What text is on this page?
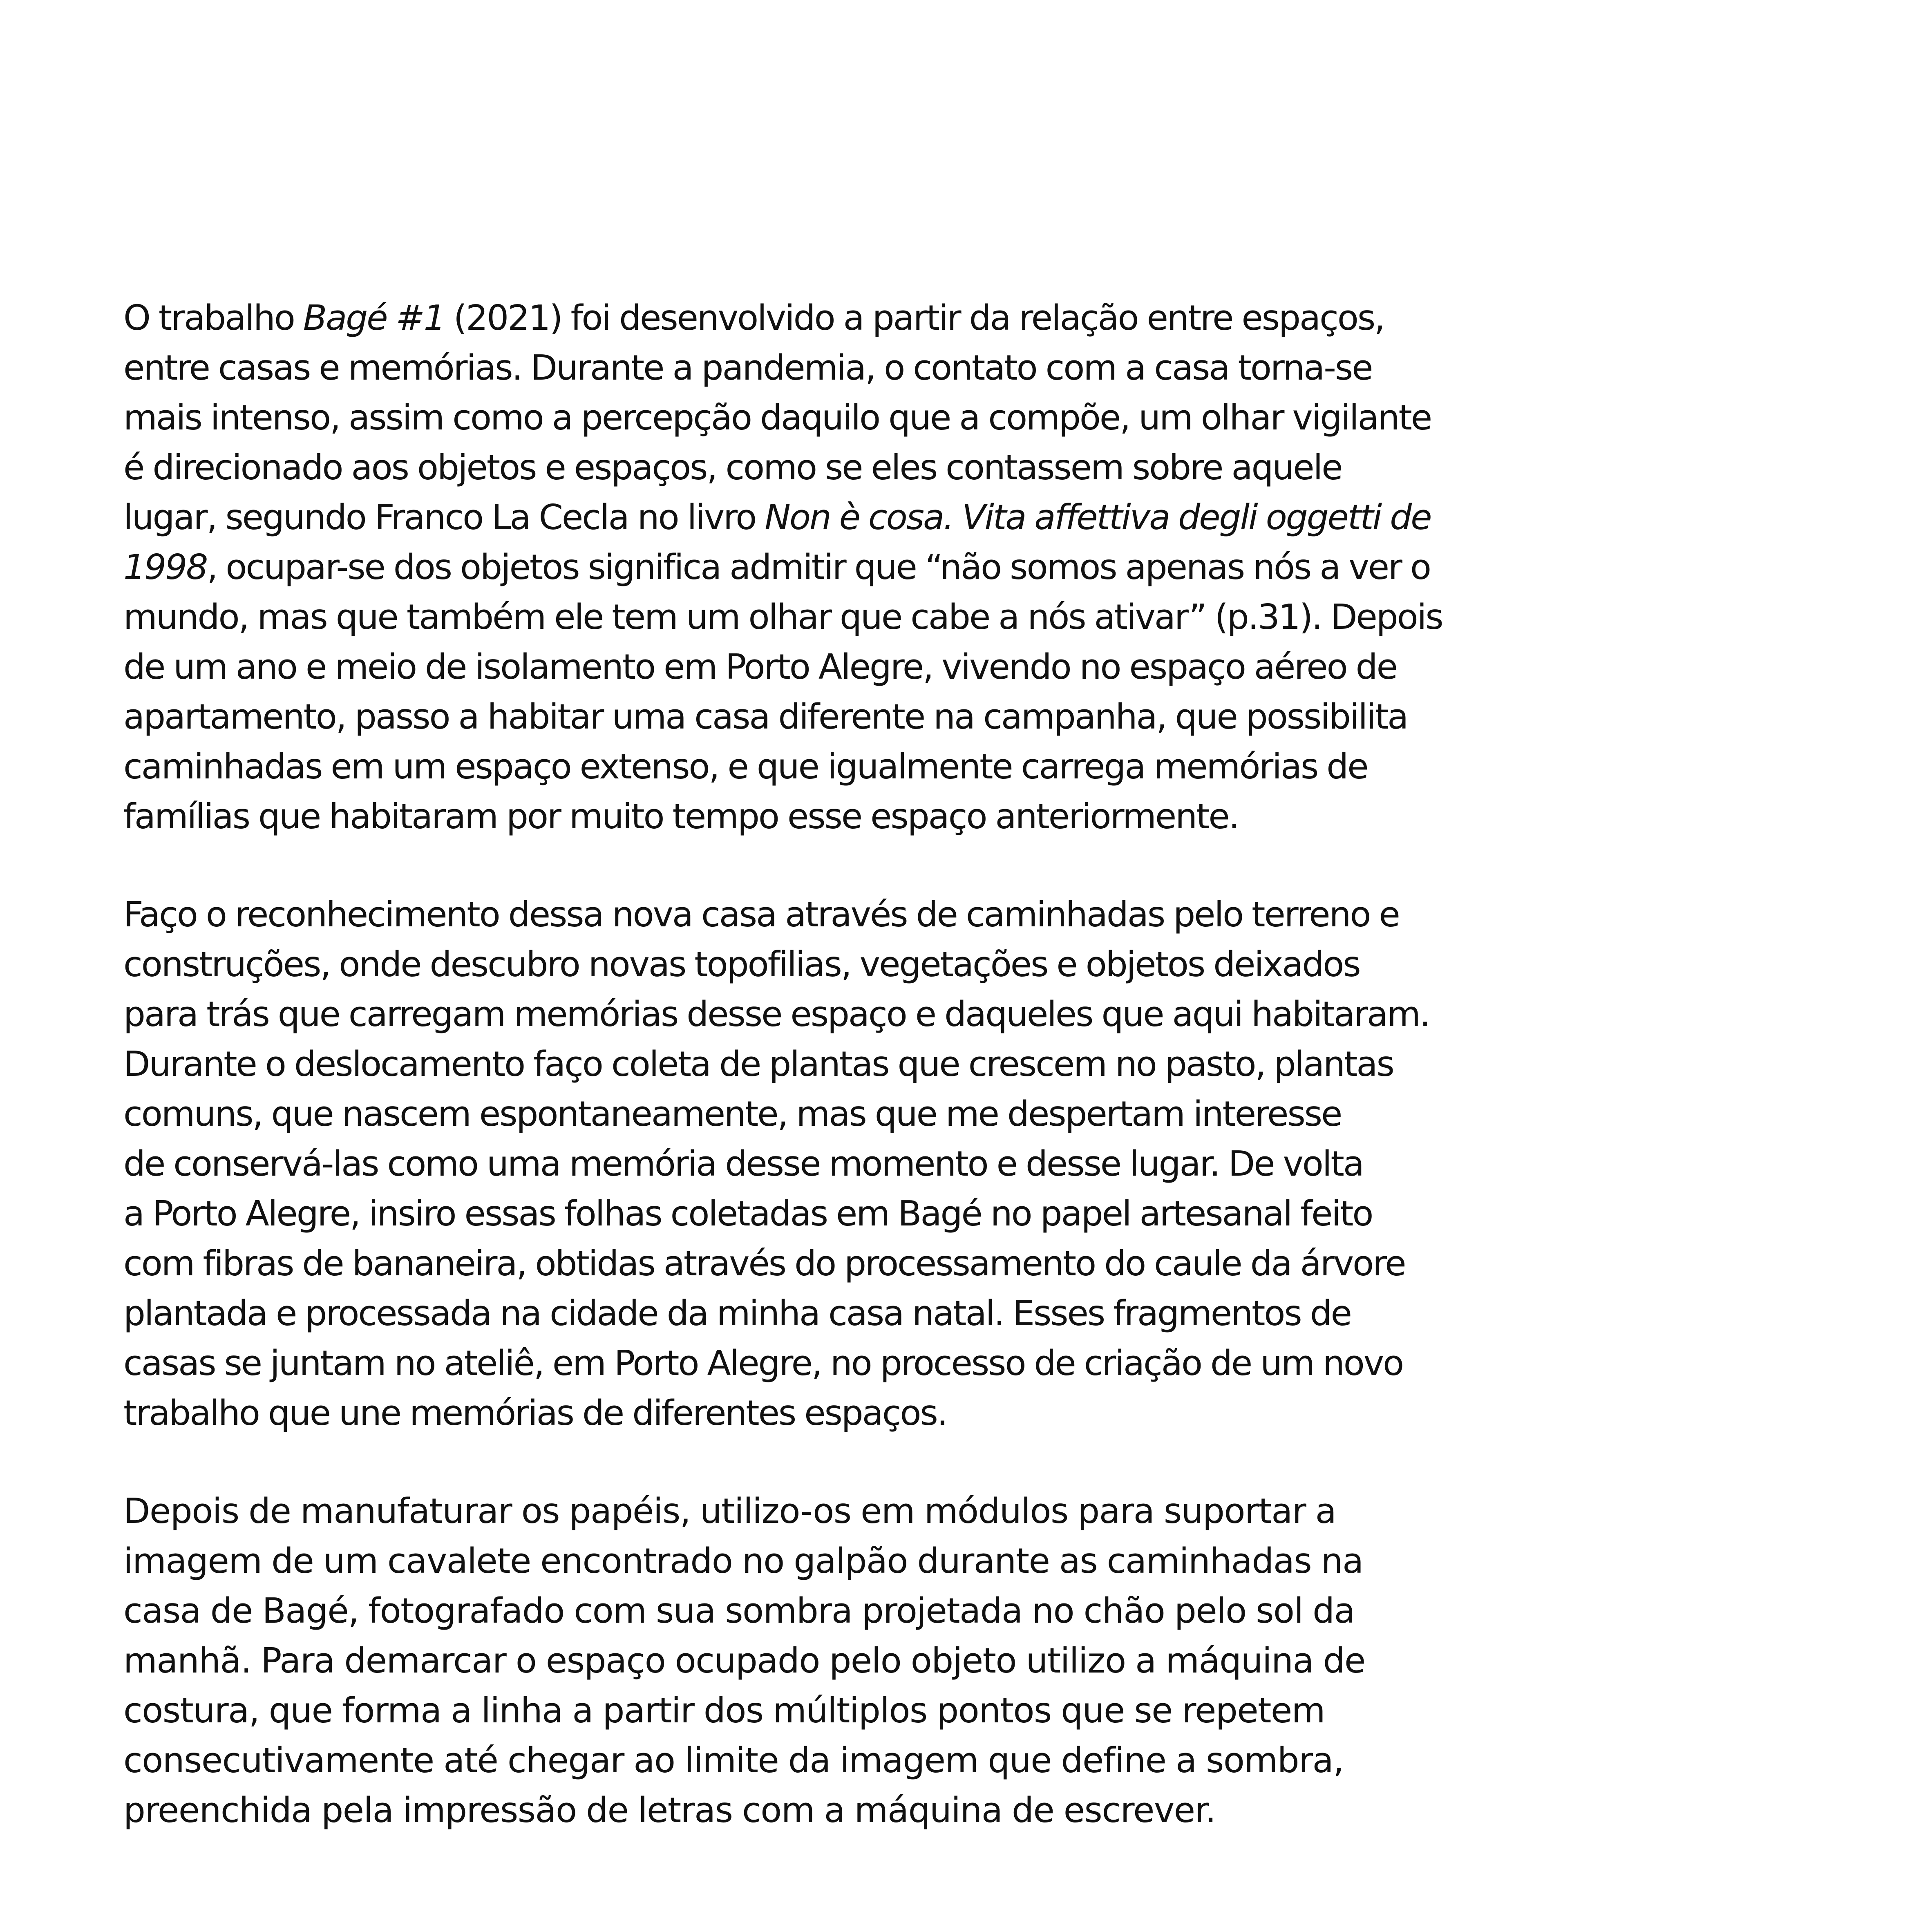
O trabalho Bagé #1 (2021) foi desenvolvido a partir da relação entre espaços,
entre casas e memórias. Durante a pandemia, o contato com a casa torna-se
mais intenso, assim como a percepção daquilo que a compõe, um olhar vigilante
é direcionado aos objetos e espaços, como se eles contassem sobre aquele
lugar, segundo Franco La Cecla no livro Non è cosa. Vita affettiva degli oggetti de
1998, ocupar-se dos objetos significa admitir que “não somos apenas nós a ver o
mundo, mas que também ele tem um olhar que cabe a nós ativar” (p.31). Depois
de um ano e meio de isolamento em Porto Alegre, vivendo no espaço aéreo de
apartamento, passo a habitar uma casa diferente na campanha, que possibilita
caminhadas em um espaço extenso, e que igualmente carrega memórias de
famílias que habitaram por muito tempo esse espaço anteriormente.

Faço o reconhecimento dessa nova casa através de caminhadas pelo terreno e
construções, onde descubro novas topofilias, vegetações e objetos deixados
para trás que carregam memórias desse espaço e daqueles que aqui habitaram.
Durante o deslocamento faço coleta de plantas que crescem no pasto, plantas
comuns, que nascem espontaneamente, mas que me despertam interesse
de conservá-las como uma memória desse momento e desse lugar. De volta
a Porto Alegre, insiro essas folhas coletadas em Bagé no papel artesanal feito
com fibras de bananeira, obtidas através do processamento do caule da árvore
plantada e processada na cidade da minha casa natal. Esses fragmentos de
casas se juntam no ateliê, em Porto Alegre, no processo de criação de um novo
trabalho que une memórias de diferentes espaços.

Depois de manufaturar os papéis, utilizo-os em módulos para suportar a
imagem de um cavalete encontrado no galpão durante as caminhadas na
casa de Bagé, fotografado com sua sombra projetada no chão pelo sol da
manhã. Para demarcar o espaço ocupado pelo objeto utilizo a máquina de
costura, que forma a linha a partir dos múltiplos pontos que se repetem
consecutivamente até chegar ao limite da imagem que define a sombra,
preenchida pela impressão de letras com a máquina de escrever.
